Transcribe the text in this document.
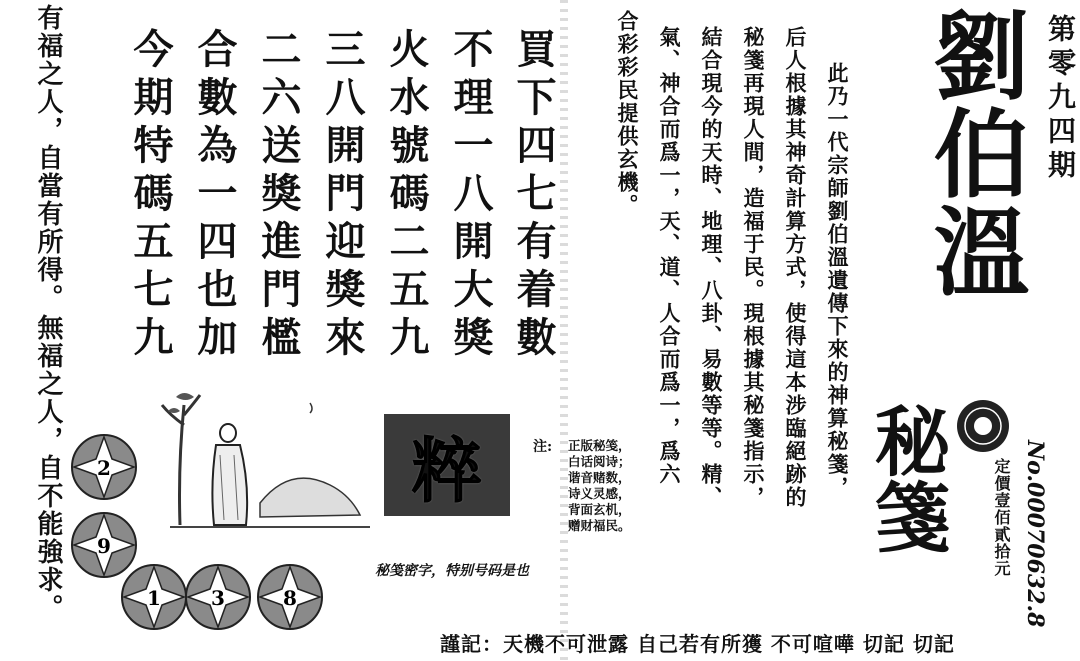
第零九四期
劉伯溫
秘箋	定價壹佰貳拾元 No.00070632.8
此乃一代宗師劉伯溫遺傳下來的神算秘箋，
后人根據其神奇計算方式，使得這本涉臨絕跡的
秘箋再現人間，造福于民。現根據其秘箋指示，
結合現今的天時、地理、八卦、易數等等。精、
氣、神合而爲一，天、道、人合而爲一，爲六
合彩彩民提供玄機。
買下四七有着數
不理一八開大獎
火水號碼二五九
三八開門迎獎來
二六送獎進門檻
合數為一四也加
今期特碼五七九
有福之人，自當有所得。
無福之人，自不能強求。 2
9
1	3	8
粹	注: 正版秘笺，
白话阅诗；
谐音赌数，
诗义灵感，
背面玄机，
赠财福民。
秘笺密字，特别号码是也
謹記：天機不可泄露 自己若有所獲 不可喧嘩 切記 切記
